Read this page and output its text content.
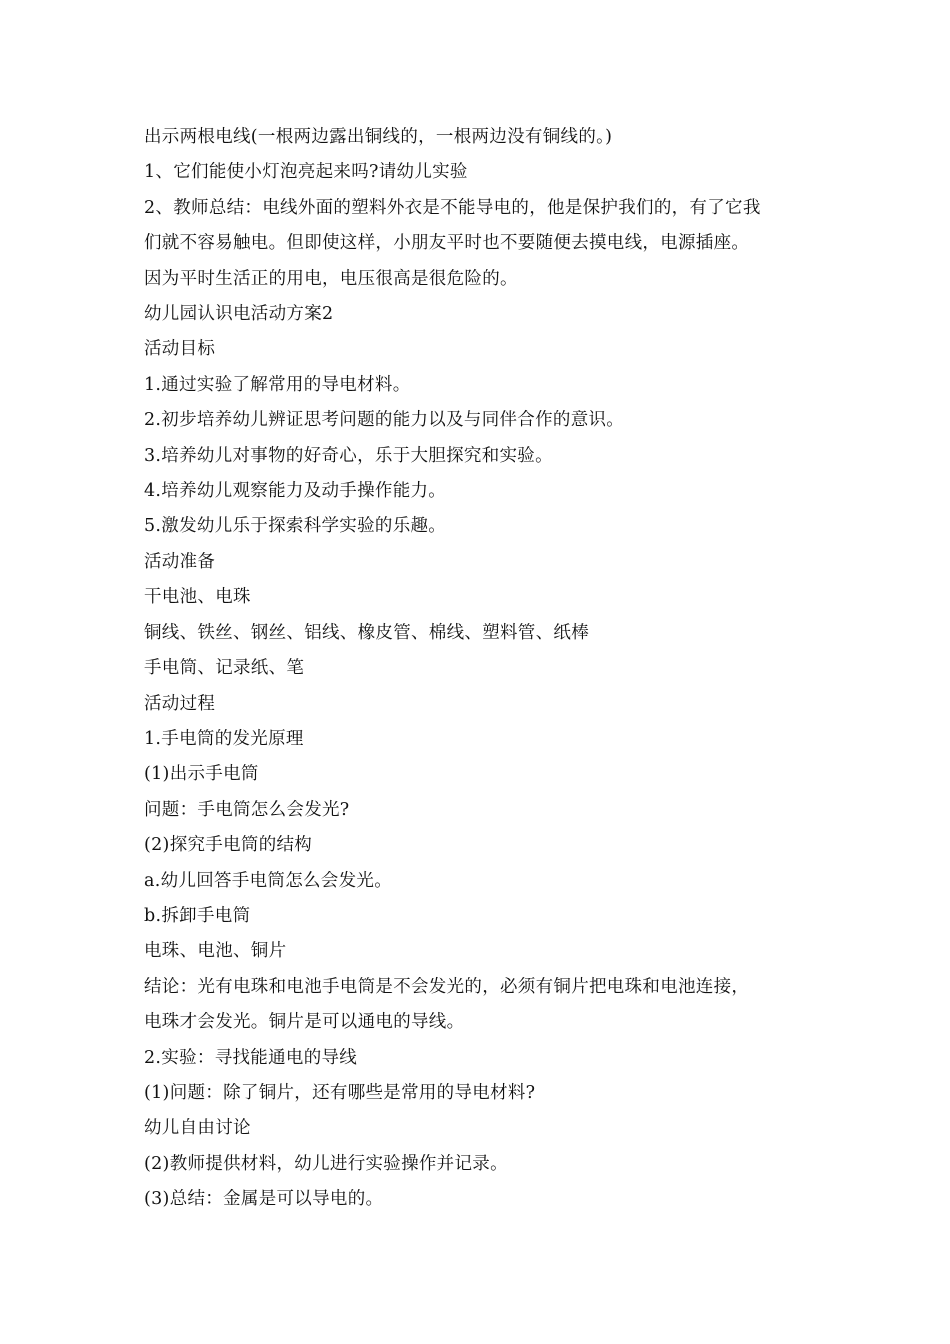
出示两根电线(一根两边露出铜线的，一根两边没有铜线的。)
1、它们能使小灯泡亮起来吗?请幼儿实验
2、教师总结：电线外面的塑料外衣是不能导电的，他是保护我们的，有了它我
们就不容易触电。但即使这样，小朋友平时也不要随便去摸电线，电源插座。
因为平时生活正的用电，电压很高是很危险的。
幼儿园认识电活动方案2
活动目标
1.通过实验了解常用的导电材料。
2.初步培养幼儿辨证思考问题的能力以及与同伴合作的意识。
3.培养幼儿对事物的好奇心，乐于大胆探究和实验。
4.培养幼儿观察能力及动手操作能力。
5.激发幼儿乐于探索科学实验的乐趣。
活动准备
干电池、电珠
铜线、铁丝、钢丝、铝线、橡皮管、棉线、塑料管、纸棒
手电筒、记录纸、笔
活动过程
1.手电筒的发光原理
(1)出示手电筒
问题：手电筒怎么会发光?
(2)探究手电筒的结构
a.幼儿回答手电筒怎么会发光。
b.拆卸手电筒
电珠、电池、铜片
结论：光有电珠和电池手电筒是不会发光的，必须有铜片把电珠和电池连接，
电珠才会发光。铜片是可以通电的导线。
2.实验：寻找能通电的导线
(1)问题：除了铜片，还有哪些是常用的导电材料?
幼儿自由讨论
(2)教师提供材料，幼儿进行实验操作并记录。
(3)总结：金属是可以导电的。
